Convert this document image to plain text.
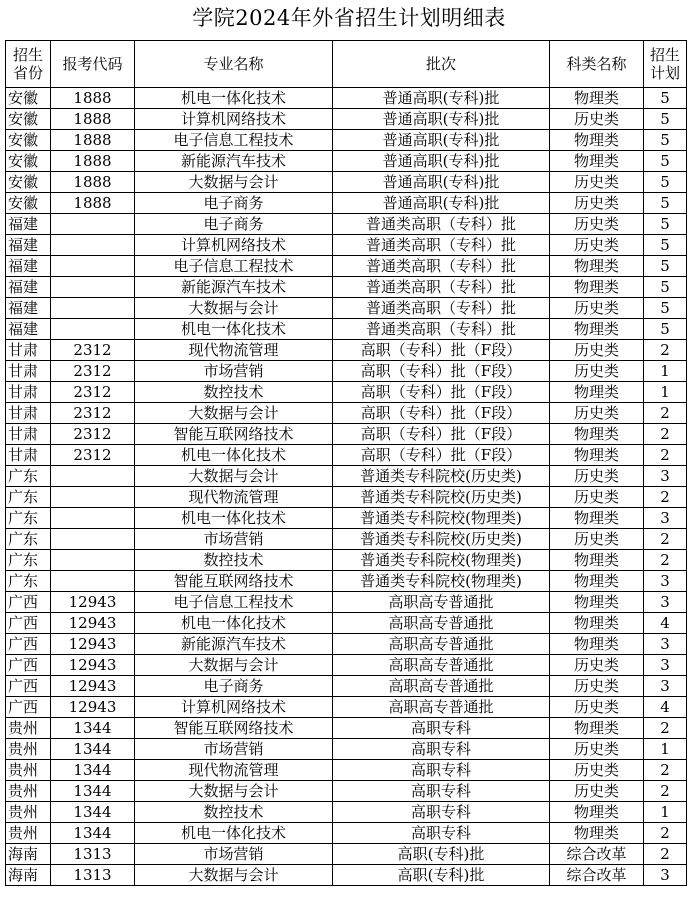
学院2024年外省招生计划明细表
招生省份	报考代码	专业名称	批次	科类名称	招生计划
安徽	1888	机电一体化技术	普通高职(专科)批	物理类	5
安徽	1888	计算机网络技术	普通高职(专科)批	历史类	5
安徽	1888	电子信息工程技术	普通高职(专科)批	物理类	5
安徽	1888	新能源汽车技术	普通高职(专科)批	物理类	5
安徽	1888	大数据与会计	普通高职(专科)批	历史类	5
安徽	1888	电子商务	普通高职(专科)批	历史类	5
福建		电子商务	普通类高职（专科）批	历史类	5
福建		计算机网络技术	普通类高职（专科）批	历史类	5
福建		电子信息工程技术	普通类高职（专科）批	物理类	5
福建		新能源汽车技术	普通类高职（专科）批	物理类	5
福建		大数据与会计	普通类高职（专科）批	历史类	5
福建		机电一体化技术	普通类高职（专科）批	物理类	5
甘肃	2312	现代物流管理	高职（专科）批（F段）	历史类	2
甘肃	2312	市场营销	高职（专科）批（F段）	历史类	1
甘肃	2312	数控技术	高职（专科）批（F段）	物理类	1
甘肃	2312	大数据与会计	高职（专科）批（F段）	历史类	2
甘肃	2312	智能互联网络技术	高职（专科）批（F段）	物理类	2
甘肃	2312	机电一体化技术	高职（专科）批（F段）	物理类	2
广东		大数据与会计	普通类专科院校(历史类)	历史类	3
广东		现代物流管理	普通类专科院校(历史类)	历史类	2
广东		机电一体化技术	普通类专科院校(物理类)	物理类	3
广东		市场营销	普通类专科院校(历史类)	历史类	2
广东		数控技术	普通类专科院校(物理类)	物理类	2
广东		智能互联网络技术	普通类专科院校(物理类)	物理类	3
广西	12943	电子信息工程技术	高职高专普通批	物理类	3
广西	12943	机电一体化技术	高职高专普通批	物理类	4
广西	12943	新能源汽车技术	高职高专普通批	物理类	3
广西	12943	大数据与会计	高职高专普通批	历史类	3
广西	12943	电子商务	高职高专普通批	历史类	3
广西	12943	计算机网络技术	高职高专普通批	历史类	4
贵州	1344	智能互联网络技术	高职专科	物理类	2
贵州	1344	市场营销	高职专科	历史类	1
贵州	1344	现代物流管理	高职专科	历史类	2
贵州	1344	大数据与会计	高职专科	历史类	2
贵州	1344	数控技术	高职专科	物理类	1
贵州	1344	机电一体化技术	高职专科	物理类	2
海南	1313	市场营销	高职(专科)批	综合改革	2
海南	1313	大数据与会计	高职(专科)批	综合改革	3
